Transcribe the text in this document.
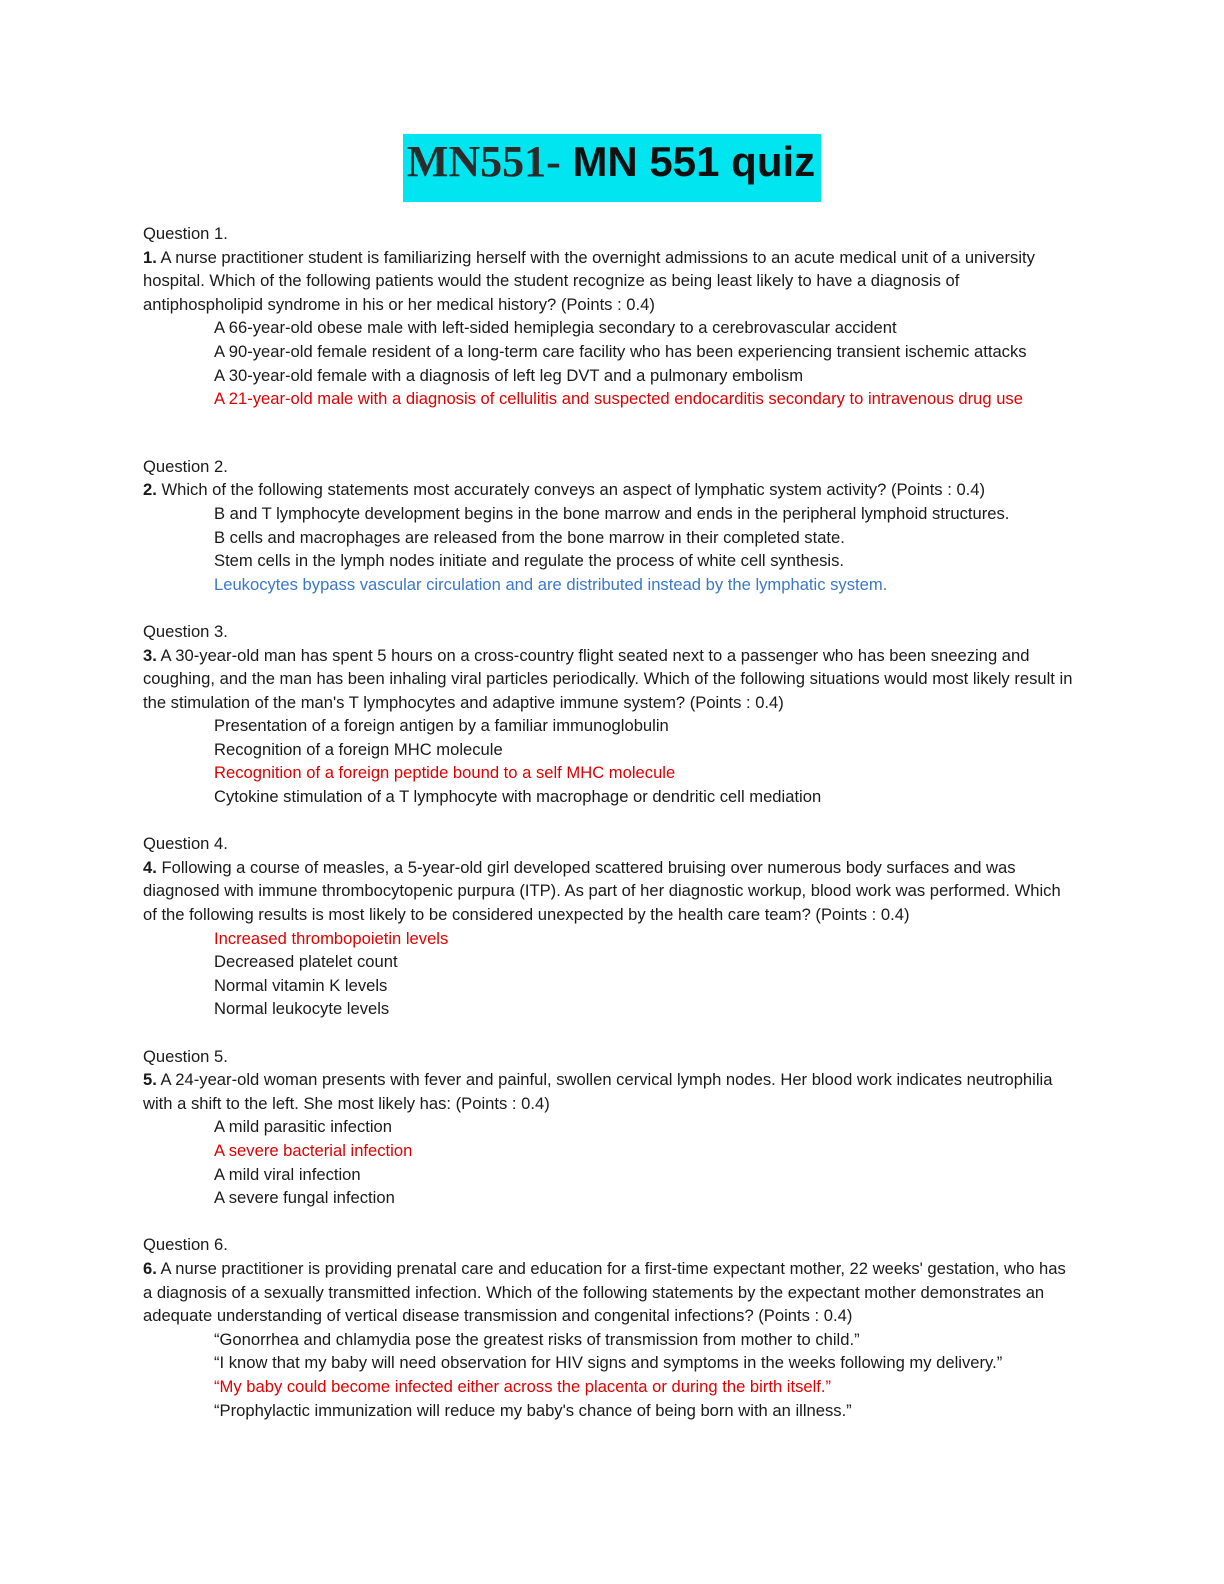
MN551- MN 551 quiz

Question 1.

1. A nurse practitioner student is familiarizing herself with the overnight admissions to an acute medical unit of a university hospital. Which of the following patients would the student recognize as being least likely to have a diagnosis of antiphospholipid syndrome in his or her medical history? (Points : 0.4)

A 66-year-old obese male with left-sided hemiplegia secondary to a cerebrovascular accident

A 90-year-old female resident of a long-term care facility who has been experiencing transient ischemic attacks

A 30-year-old female with a diagnosis of left leg DVT and a pulmonary embolism

A 21-year-old male with a diagnosis of cellulitis and suspected endocarditis secondary to intravenous drug use

Question 2.

2. Which of the following statements most accurately conveys an aspect of lymphatic system activity? (Points : 0.4)

B and T lymphocyte development begins in the bone marrow and ends in the peripheral lymphoid structures.

B cells and macrophages are released from the bone marrow in their completed state.

Stem cells in the lymph nodes initiate and regulate the process of white cell synthesis.

Leukocytes bypass vascular circulation and are distributed instead by the lymphatic system.

Question 3.

3. A 30-year-old man has spent 5 hours on a cross-country flight seated next to a passenger who has been sneezing and coughing, and the man has been inhaling viral particles periodically. Which of the following situations would most likely result in the stimulation of the man's T lymphocytes and adaptive immune system? (Points : 0.4)

Presentation of a foreign antigen by a familiar immunoglobulin

Recognition of a foreign MHC molecule

Recognition of a foreign peptide bound to a self MHC molecule

Cytokine stimulation of a T lymphocyte with macrophage or dendritic cell mediation

Question 4.

4. Following a course of measles, a 5-year-old girl developed scattered bruising over numerous body surfaces and was diagnosed with immune thrombocytopenic purpura (ITP). As part of her diagnostic workup, blood work was performed. Which of the following results is most likely to be considered unexpected by the health care team? (Points : 0.4)

Increased thrombopoietin levels

Decreased platelet count

Normal vitamin K levels

Normal leukocyte levels

Question 5.

5. A 24-year-old woman presents with fever and painful, swollen cervical lymph nodes. Her blood work indicates neutrophilia with a shift to the left. She most likely has: (Points : 0.4)

A mild parasitic infection

A severe bacterial infection

A mild viral infection

A severe fungal infection

Question 6.

6. A nurse practitioner is providing prenatal care and education for a first-time expectant mother, 22 weeks' gestation, who has a diagnosis of a sexually transmitted infection. Which of the following statements by the expectant mother demonstrates an adequate understanding of vertical disease transmission and congenital infections? (Points : 0.4)

“Gonorrhea and chlamydia pose the greatest risks of transmission from mother to child.”

“I know that my baby will need observation for HIV signs and symptoms in the weeks following my delivery.”

“My baby could become infected either across the placenta or during the birth itself.”

“Prophylactic immunization will reduce my baby's chance of being born with an illness.”
